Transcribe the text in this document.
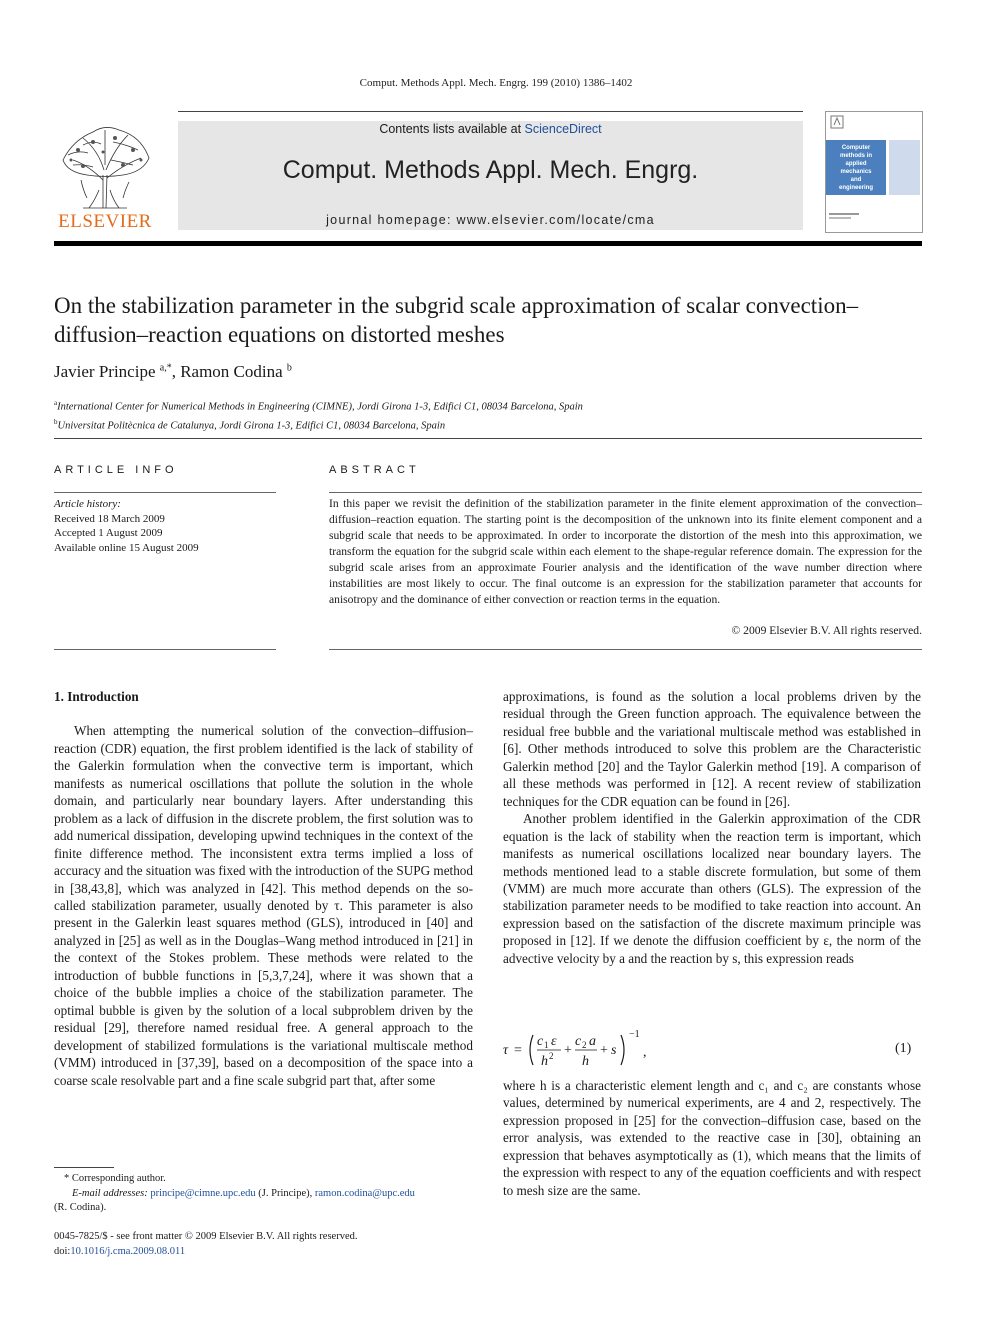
Comput. Methods Appl. Mech. Engrg. 199 (2010) 1386–1402
ELSEVIER
Contents lists available at ScienceDirect
Comput. Methods Appl. Mech. Engrg.
journal homepage: www.elsevier.com/locate/cma
Computer
methods in
applied
mechanics
and
engineering
On the stabilization parameter in the subgrid scale approximation of scalar convection–diffusion–reaction equations on distorted meshes
Javier Principe $^{a,*}$, Ramon Codina $^b$
$^a$International Center for Numerical Methods in Engineering (CIMNE), Jordi Girona 1-3, Edifici C1, 08034 Barcelona, Spain
$^b$Universitat Politècnica de Catalunya, Jordi Girona 1-3, Edifici C1, 08034 Barcelona, Spain
ARTICLE INFO
Article history:
Received 18 March 2009
Accepted 1 August 2009
Available online 15 August 2009
ABSTRACT
In this paper we revisit the definition of the stabilization parameter in the finite element approximation of the convection–diffusion–reaction equation. The starting point is the decomposition of the unknown into its finite element component and a subgrid scale that needs to be approximated. In order to incorporate the distortion of the mesh into this approximation, we transform the equation for the subgrid scale within each element to the shape-regular reference domain. The expression for the subgrid scale arises from an approximate Fourier analysis and the identification of the wave number direction where instabilities are most likely to occur. The final outcome is an expression for the stabilization parameter that accounts for anisotropy and the dominance of either convection or reaction terms in the equation.
© 2009 Elsevier B.V. All rights reserved.

1. Introduction

When attempting the numerical solution of the convection–diffusion–reaction (CDR) equation, the first problem identified is the lack of stability of the Galerkin formulation when the convective term is important, which manifests as numerical oscillations that pollute the solution in the whole domain, and particularly near boundary layers. After understanding this problem as a lack of diffusion in the discrete problem, the first solution was to add numerical dissipation, developing upwind techniques in the context of the finite difference method. The inconsistent extra terms implied a loss of accuracy and the situation was fixed with the introduction of the SUPG method in [38,43,8], which was analyzed in [42]. This method depends on the so-called stabilization parameter, usually denoted by τ. This parameter is also present in the Galerkin least squares method (GLS), introduced in [40] and analyzed in [25] as well as in the Douglas–Wang method introduced in [21] in the context of the Stokes problem. These methods were related to the introduction of bubble functions in [5,3,7,24], where it was shown that a choice of the bubble implies a choice of the stabilization parameter. The optimal bubble is given by the solution of a local subproblem driven by the residual [29], therefore named residual free. A general approach to the development of stabilized formulations is the variational multiscale method (VMM) introduced in [37,39], based on a decomposition of the space into a coarse scale resolvable part and a fine scale subgrid part that, after some

approximations, is found as the solution a local problems driven by the residual through the Green function approach. The equivalence between the residual free bubble and the variational multiscale method was established in [6]. Other methods introduced to solve this problem are the Characteristic Galerkin method [20] and the Taylor Galerkin method [19]. A comparison of all these methods was performed in [12]. A recent review of stabilization techniques for the CDR equation can be found in [26].

Another problem identified in the Galerkin approximation of the CDR equation is the lack of stability when the reaction term is important, which manifests as numerical oscillations localized near boundary layers. The methods mentioned lead to a stable discrete formulation, but some of them (VMM) are much more accurate than others (GLS). The expression of the stabilization parameter needs to be modified to take reaction into account. An expression based on the satisfaction of the discrete maximum principle was proposed in [12]. If we denote the diffusion coefficient by ε, the norm of the advective velocity by a and the reaction by s, this expression reads

τ =
c 1 ε
h 2 +
c 2 a
h
+ s
−1
,	(1)

where h is a characteristic element length and c₁ and c₂ are constants whose values, determined by numerical experiments, are 4 and 2, respectively. The expression proposed in [25] for the convection–diffusion case, based on the error analysis, was extended to the reactive case in [30], obtaining an expression that behaves asymptotically as (1), which means that the limits of the expression with respect to any of the equation coefficients and with respect to mesh size are the same.

* Corresponding author.
E-mail addresses: principe@cimne.upc.edu (J. Principe), ramon.codina@upc.edu
(R. Codina).
0045-7825/$ - see front matter © 2009 Elsevier B.V. All rights reserved.
doi:10.1016/j.cma.2009.08.011
